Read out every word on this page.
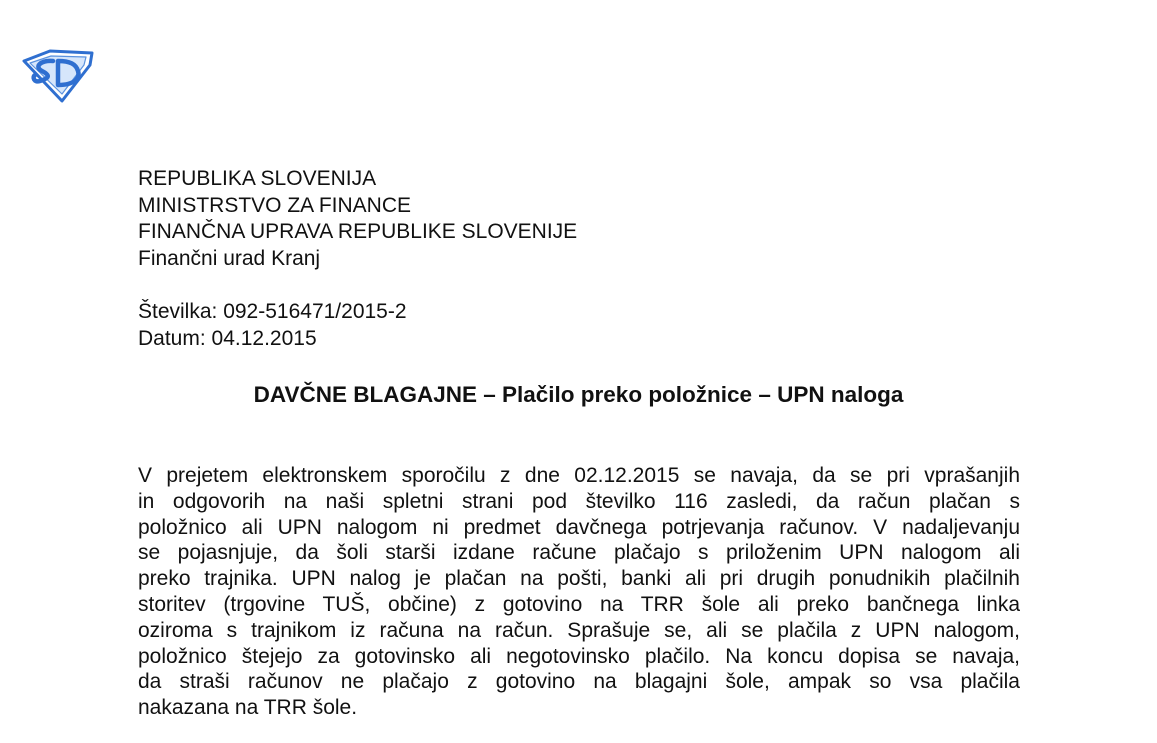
REPUBLIKA SLOVENIJA
MINISTRSTVO ZA FINANCE
FINANČNA UPRAVA REPUBLIKE SLOVENIJE
Finančni urad Kranj
Številka: 092-516471/2015-2
Datum: 04.12.2015
DAVČNE BLAGAJNE – Plačilo preko položnice – UPN naloga
V prejetem elektronskem sporočilu z dne 02.12.2015 se navaja, da se pri vprašanjih
in odgovorih na naši spletni strani pod številko 116 zasledi, da račun plačan s
položnico ali UPN nalogom ni predmet davčnega potrjevanja računov. V nadaljevanju
se pojasnjuje, da šoli starši izdane račune plačajo s priloženim UPN nalogom ali
preko trajnika. UPN nalog je plačan na pošti, banki ali pri drugih ponudnikih plačilnih
storitev (trgovine TUŠ, občine) z gotovino na TRR šole ali preko bančnega linka
oziroma s trajnikom iz računa na račun. Sprašuje se, ali se plačila z UPN nalogom,
položnico štejejo za gotovinsko ali negotovinsko plačilo. Na koncu dopisa se navaja,
da straši računov ne plačajo z gotovino na blagajni šole, ampak so vsa plačila
nakazana na TRR šole.
